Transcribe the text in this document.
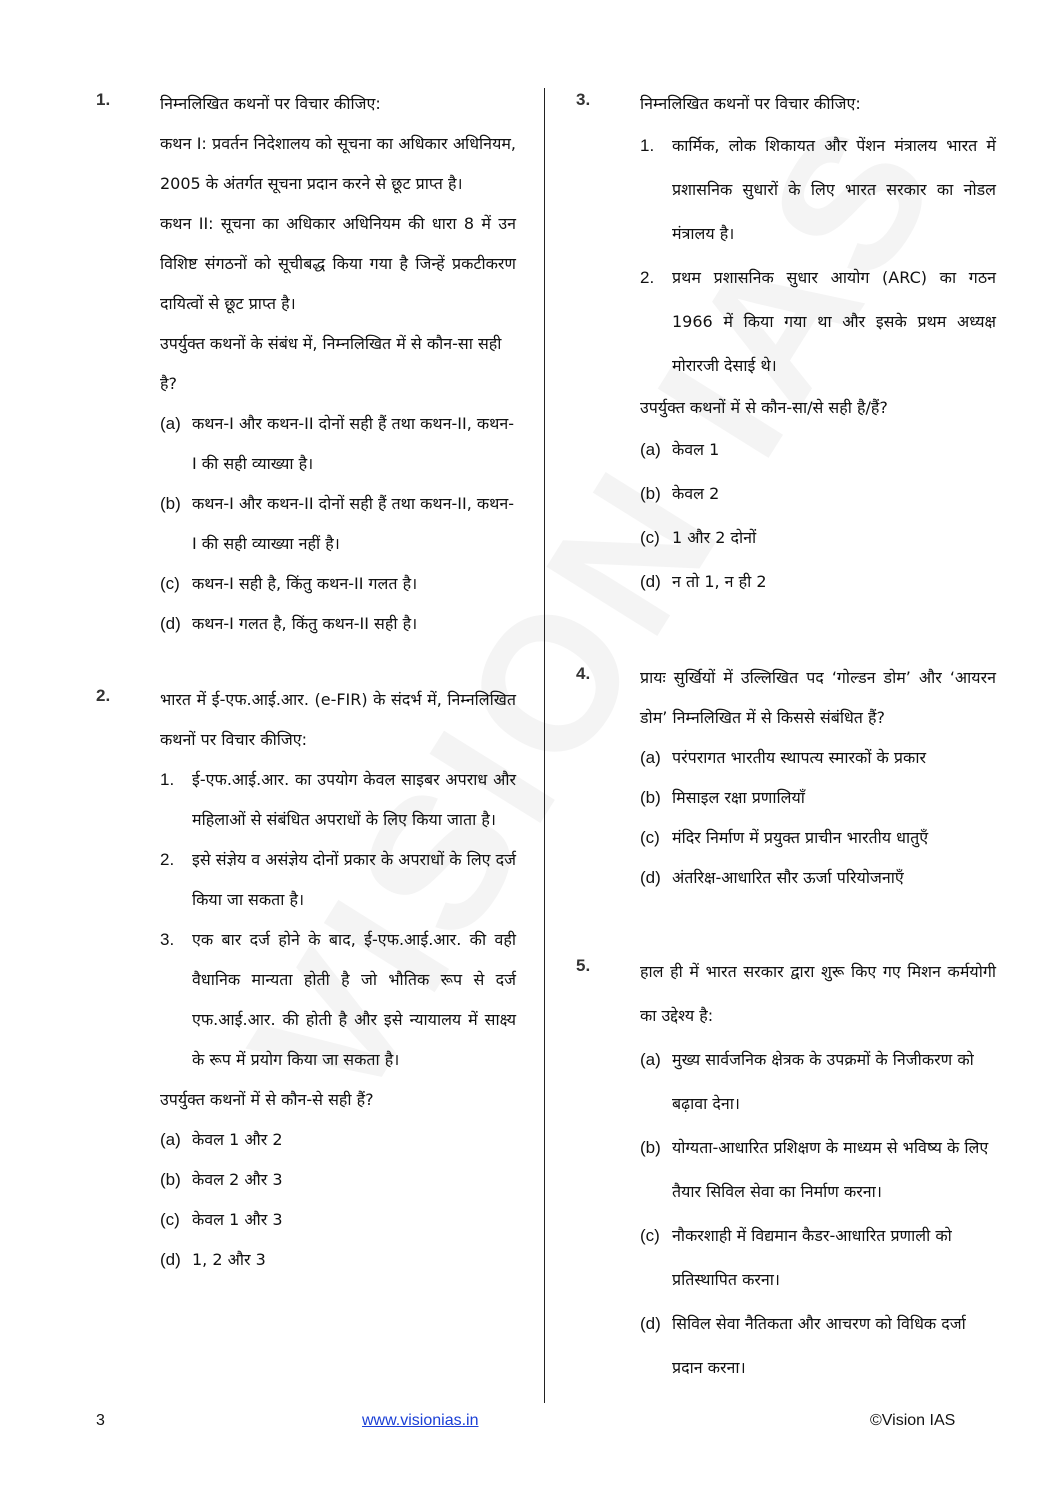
1.	निम्नलिखित कथनों पर विचार कीजिए:
कथन I: प्रवर्तन निदेशालय को सूचना का अधिकार अधिनियम, 2005 के अंतर्गत सूचना प्रदान करने से छूट प्राप्त है।
कथन II: सूचना का अधिकार अधिनियम की धारा 8 में उन विशिष्ट संगठनों को सूचीबद्ध किया गया है जिन्हें प्रकटीकरण दायित्वों से छूट प्राप्त है।
उपर्युक्त कथनों के संबंध में, निम्नलिखित में से कौन-सा सही है?
(a) कथन-I और कथन-II दोनों सही हैं तथा कथन-II, कथन-I की सही व्याख्या है।
(b) कथन-I और कथन-II दोनों सही हैं तथा कथन-II, कथन-I की सही व्याख्या नहीं है।
(c) कथन-I सही है, किंतु कथन-II गलत है।
(d) कथन-I गलत है, किंतु कथन-II सही है।
2.	भारत में ई-एफ.आई.आर. (e-FIR) के संदर्भ में, निम्नलिखित कथनों पर विचार कीजिए:
1. ई-एफ.आई.आर. का उपयोग केवल साइबर अपराध और महिलाओं से संबंधित अपराधों के लिए किया जाता है।
2. इसे संज्ञेय व असंज्ञेय दोनों प्रकार के अपराधों के लिए दर्ज किया जा सकता है।
3. एक बार दर्ज होने के बाद, ई-एफ.आई.आर. की वही वैधानिक मान्यता होती है जो भौतिक रूप से दर्ज एफ.आई.आर. की होती है और इसे न्यायालय में साक्ष्य के रूप में प्रयोग किया जा सकता है।
उपर्युक्त कथनों में से कौन-से सही हैं?
(a) केवल 1 और 2
(b) केवल 2 और 3
(c) केवल 1 और 3
(d) 1, 2 और 3
3.	निम्नलिखित कथनों पर विचार कीजिए:
1. कार्मिक, लोक शिकायत और पेंशन मंत्रालय भारत में प्रशासनिक सुधारों के लिए भारत सरकार का नोडल मंत्रालय है।
2. प्रथम प्रशासनिक सुधार आयोग (ARC) का गठन 1966 में किया गया था और इसके प्रथम अध्यक्ष मोरारजी देसाई थे।
उपर्युक्त कथनों में से कौन-सा/से सही है/हैं?
(a) केवल 1
(b) केवल 2
(c) 1 और 2 दोनों
(d) न तो 1, न ही 2
4.	प्रायः सुर्खियों में उल्लिखित पद ‘गोल्डन डोम’ और ‘आयरन डोम’ निम्नलिखित में से किससे संबंधित हैं?
(a) परंपरागत भारतीय स्थापत्य स्मारकों के प्रकार
(b) मिसाइल रक्षा प्रणालियाँ
(c) मंदिर निर्माण में प्रयुक्त प्राचीन भारतीय धातुएँ
(d) अंतरिक्ष-आधारित सौर ऊर्जा परियोजनाएँ
5.	हाल ही में भारत सरकार द्वारा शुरू किए गए मिशन कर्मयोगी का उद्देश्य है:
(a) मुख्य सार्वजनिक क्षेत्रक के उपक्रमों के निजीकरण को बढ़ावा देना।
(b) योग्यता-आधारित प्रशिक्षण के माध्यम से भविष्य के लिए तैयार सिविल सेवा का निर्माण करना।
(c) नौकरशाही में विद्यमान कैडर-आधारित प्रणाली को प्रतिस्थापित करना।
(d) सिविल सेवा नैतिकता और आचरण को विधिक दर्जा प्रदान करना।
3	www.visionias.in	©Vision IAS
